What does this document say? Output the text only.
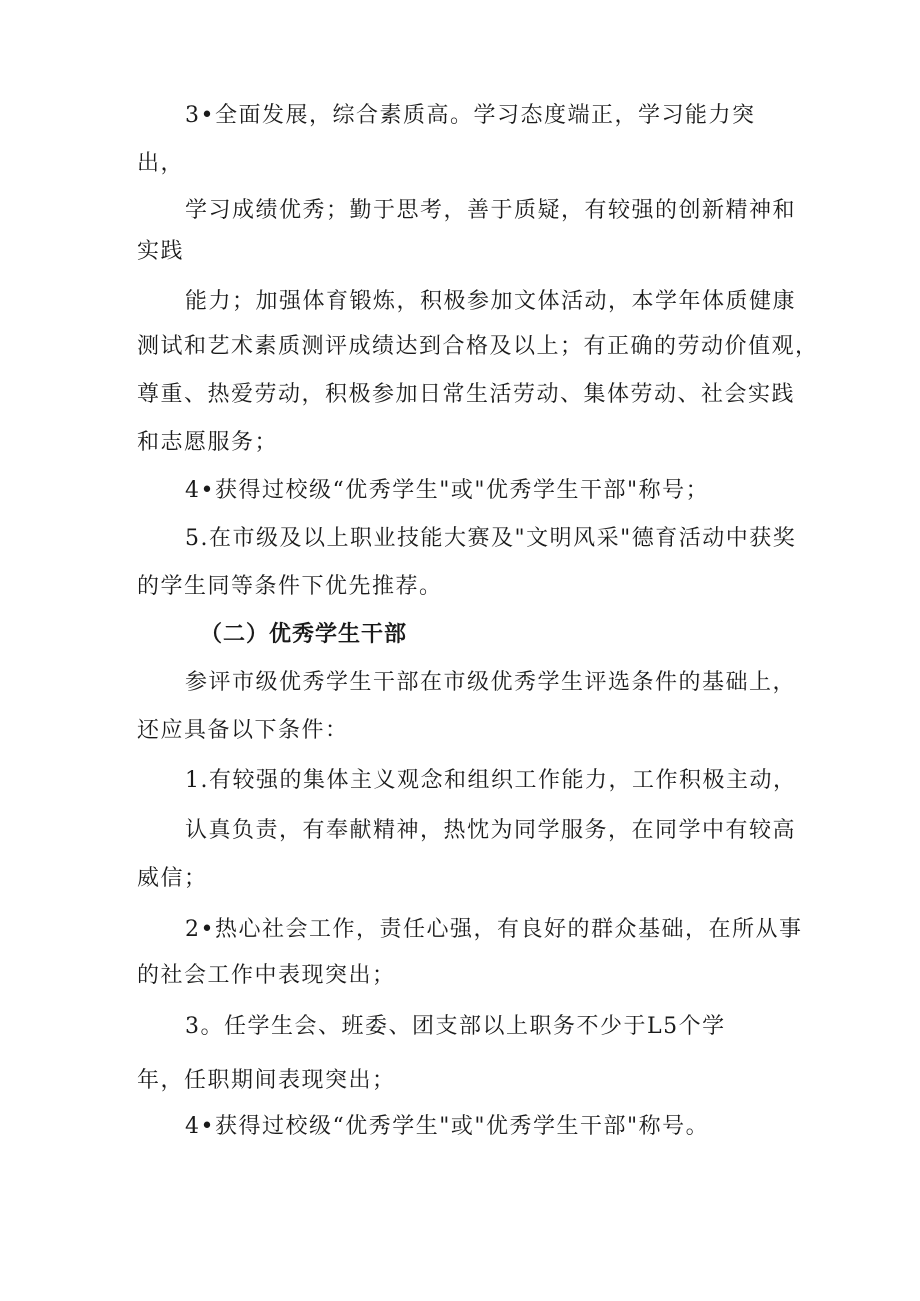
3•全面发展，综合素质高。学习态度端正，学习能力突
出，
学习成绩优秀；勤于思考，善于质疑，有较强的创新精神和
实践
能力；加强体育锻炼，积极参加文体活动，本学年体质健康
测试和艺术素质测评成绩达到合格及以上；有正确的劳动价值观，
尊重、热爱劳动，积极参加日常生活劳动、集体劳动、社会实践
和志愿服务；
4•获得过校级“优秀学生"或"优秀学生干部"称号；
5.在市级及以上职业技能大赛及"文明风采"德育活动中获奖
的学生同等条件下优先推荐。
（二）优秀学生干部
参评市级优秀学生干部在市级优秀学生评选条件的基础上，
还应具备以下条件：
1.有较强的集体主义观念和组织工作能力，工作积极主动，
认真负责，有奉献精神，热忱为同学服务，在同学中有较高
威信；
2•热心社会工作，责任心强，有良好的群众基础，在所从事
的社会工作中表现突出；
3。任学生会、班委、团支部以上职务不少于L5个学
年，任职期间表现突出；
4•获得过校级“优秀学生"或"优秀学生干部"称号。
